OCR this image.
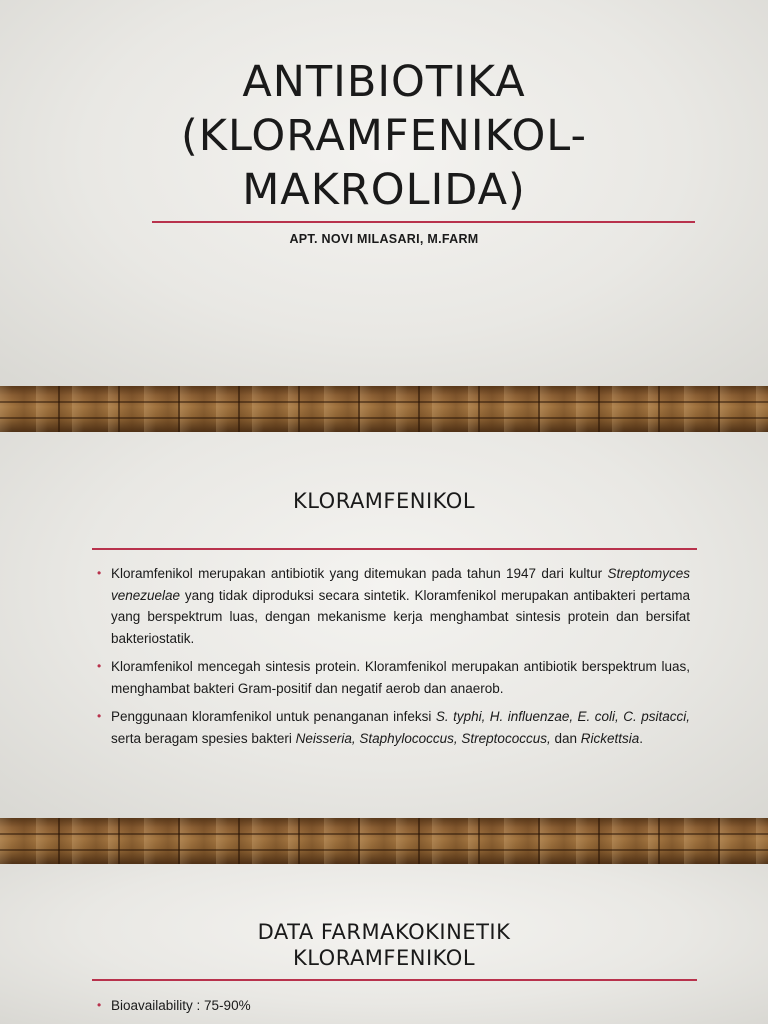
ANTIBIOTIKA
(KLORAMFENIKOL-
MAKROLIDA)
APT. NOVI MILASARI, M.FARM
KLORAMFENIKOL
• Kloramfenikol merupakan antibiotik yang ditemukan pada tahun 1947 dari kultur Streptomyces venezuelae yang tidak diproduksi secara sintetik. Kloramfenikol merupakan antibakteri pertama yang berspektrum luas, dengan mekanisme kerja menghambat sintesis protein dan bersifat bakteriostatik.
• Kloramfenikol mencegah sintesis protein. Kloramfenikol merupakan antibiotik berspektrum luas, menghambat bakteri Gram-positif dan negatif aerob dan anaerob.
• Penggunaan kloramfenikol untuk penanganan infeksi S. typhi, H. influenzae, E. coli, C. psitacci, serta beragam spesies bakteri Neisseria, Staphylococcus, Streptococcus, dan Rickettsia.
DATA FARMAKOKINETIK
KLORAMFENIKOL
• Bioavailability : 75-90%
